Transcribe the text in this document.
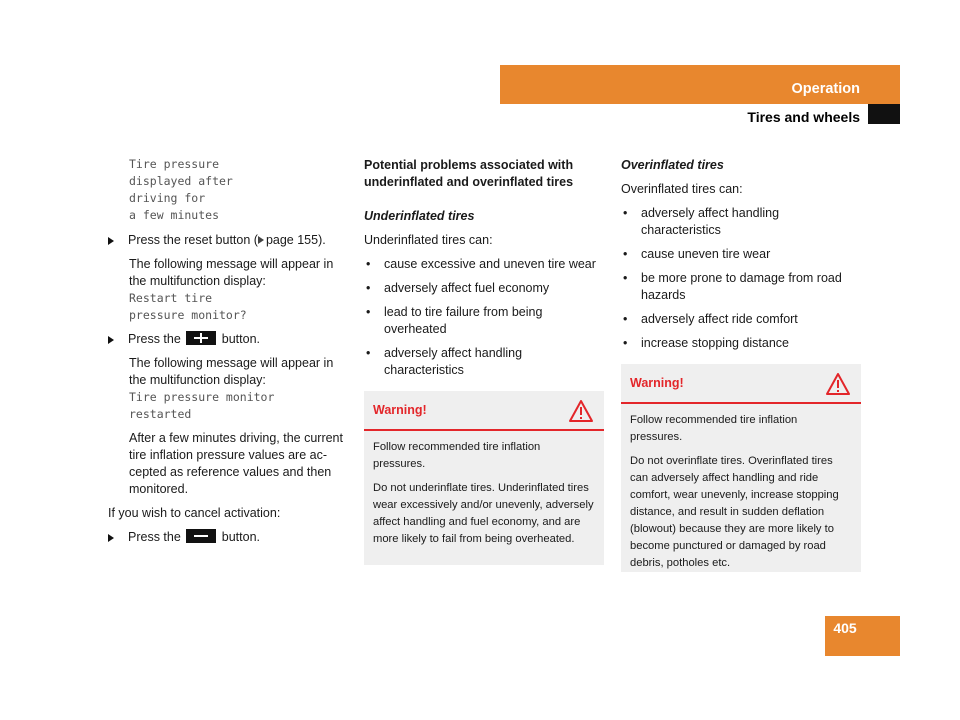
Operation
Tires and wheels
Tire pressure
displayed after
driving for
a few minutes
Press the reset button ( page 155).
The following message will appear in the multifunction display:
Restart tire
pressure monitor?
Press the	button.
The following message will appear in the multifunction display:
Tire pressure monitor
restarted
After a few minutes driving, the current
tire inflation pressure values are ac-
cepted as reference values and then
monitored.
If you wish to cancel activation:
Press the	button.
Potential problems associated with
underinflated and overinflated tires
Underinflated tires
Underinflated tires can:
• cause excessive and uneven tire wear
• adversely affect fuel economy
• lead to tire failure from being overheated
• adversely affect handling characteristics
Warning!

Follow recommended tire inflation pressures.

Do not underinflate tires. Underinflated tires wear excessively and/or unevenly, adversely affect handling and fuel economy, and are more likely to fail from being overheated.

Overinflated tires
Overinflated tires can:
• adversely affect handling characteristics
• cause uneven tire wear
• be more prone to damage from road hazards
• adversely affect ride comfort
• increase stopping distance
Warning!

Follow recommended tire inflation pressures.

Do not overinflate tires. Overinflated tires can adversely affect handling and ride comfort, wear unevenly, increase stopping distance, and result in sudden deflation (blowout) because they are more likely to become punctured or damaged by road debris, potholes etc.

405
